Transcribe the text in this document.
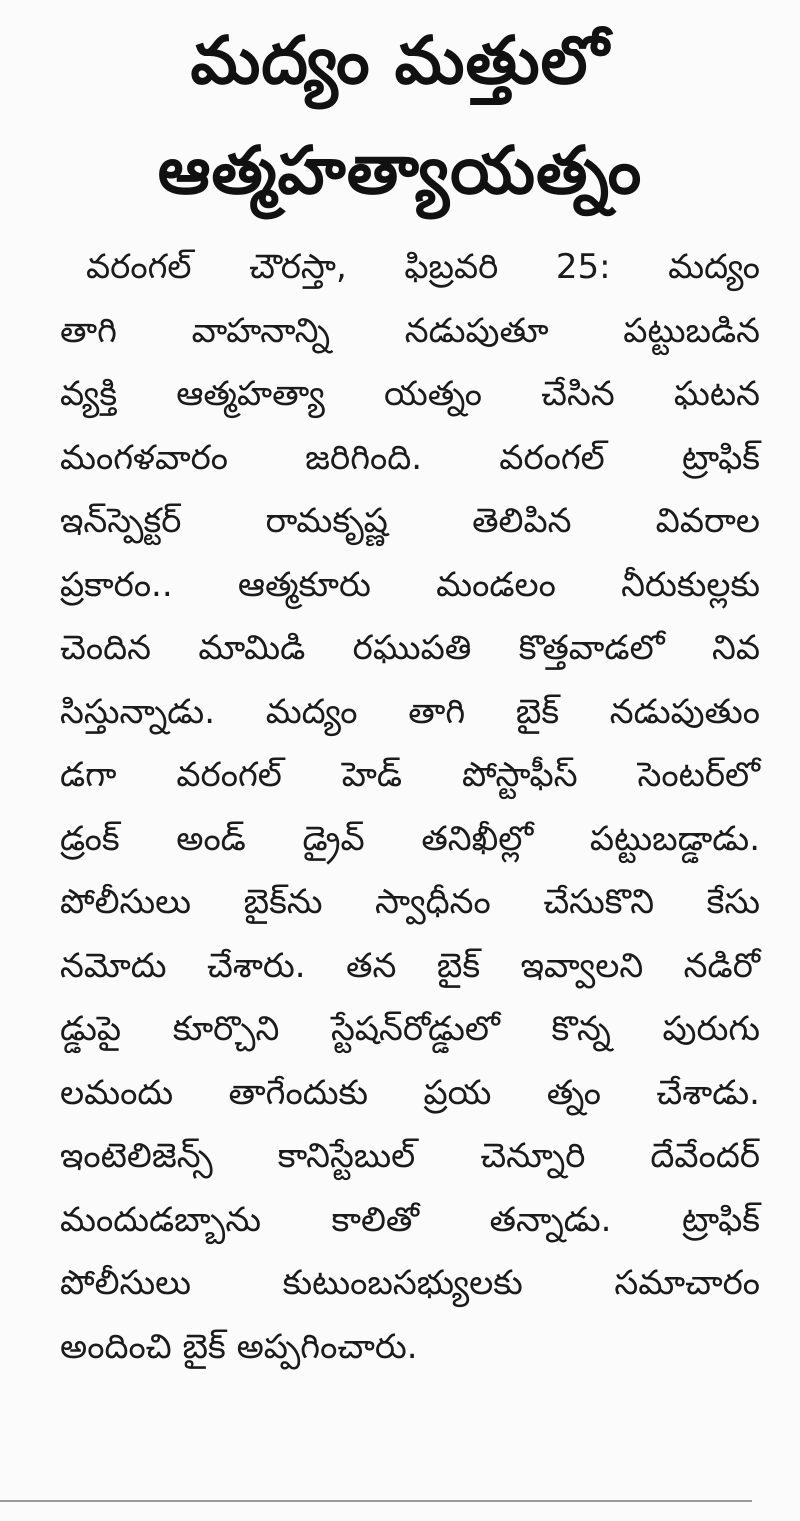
మద్యం మత్తులో
ఆత్మహత్యాయత్నం
వరంగల్ చౌరస్తా, ఫిబ్రవరి 25: మద్యం
తాగి వాహనాన్ని నడుపుతూ పట్టుబడిన
వ్యక్తి ఆత్మహత్యా యత్నం చేసిన ఘటన
మంగళవారం జరిగింది. వరంగల్ ట్రాఫిక్
ఇన్‌స్పెక్టర్ రామకృష్ణ తెలిపిన వివరాల
ప్రకారం.. ఆత్మకూరు మండలం నీరుకుల్లకు
చెందిన మామిడి రఘుపతి కొత్తవాడలో నివ
సిస్తున్నాడు. మద్యం తాగి బైక్ నడుపుతుం
డగా వరంగల్ హెడ్ పోస్టాఫీస్ సెంటర్‌లో
డ్రంక్ అండ్ డ్రైవ్ తనిఖీల్లో పట్టుబడ్డాడు.
పోలీసులు బైక్‌ను స్వాధీనం చేసుకొని కేసు
నమోదు చేశారు. తన బైక్ ఇవ్వాలని నడిరో
డ్డుపై కూర్చొని స్టేషన్‌రోడ్డులో కొన్న పురుగు
లమందు తాగేందుకు ప్రయ త్నం చేశాడు.
ఇంటెలిజెన్స్ కానిస్టేబుల్ చెన్నూరి దేవేందర్
మందుడబ్బాను కాలితో తన్నాడు. ట్రాఫిక్
పోలీసులు కుటుంబసభ్యులకు సమాచారం
అందించి బైక్ అప్పగించారు.
